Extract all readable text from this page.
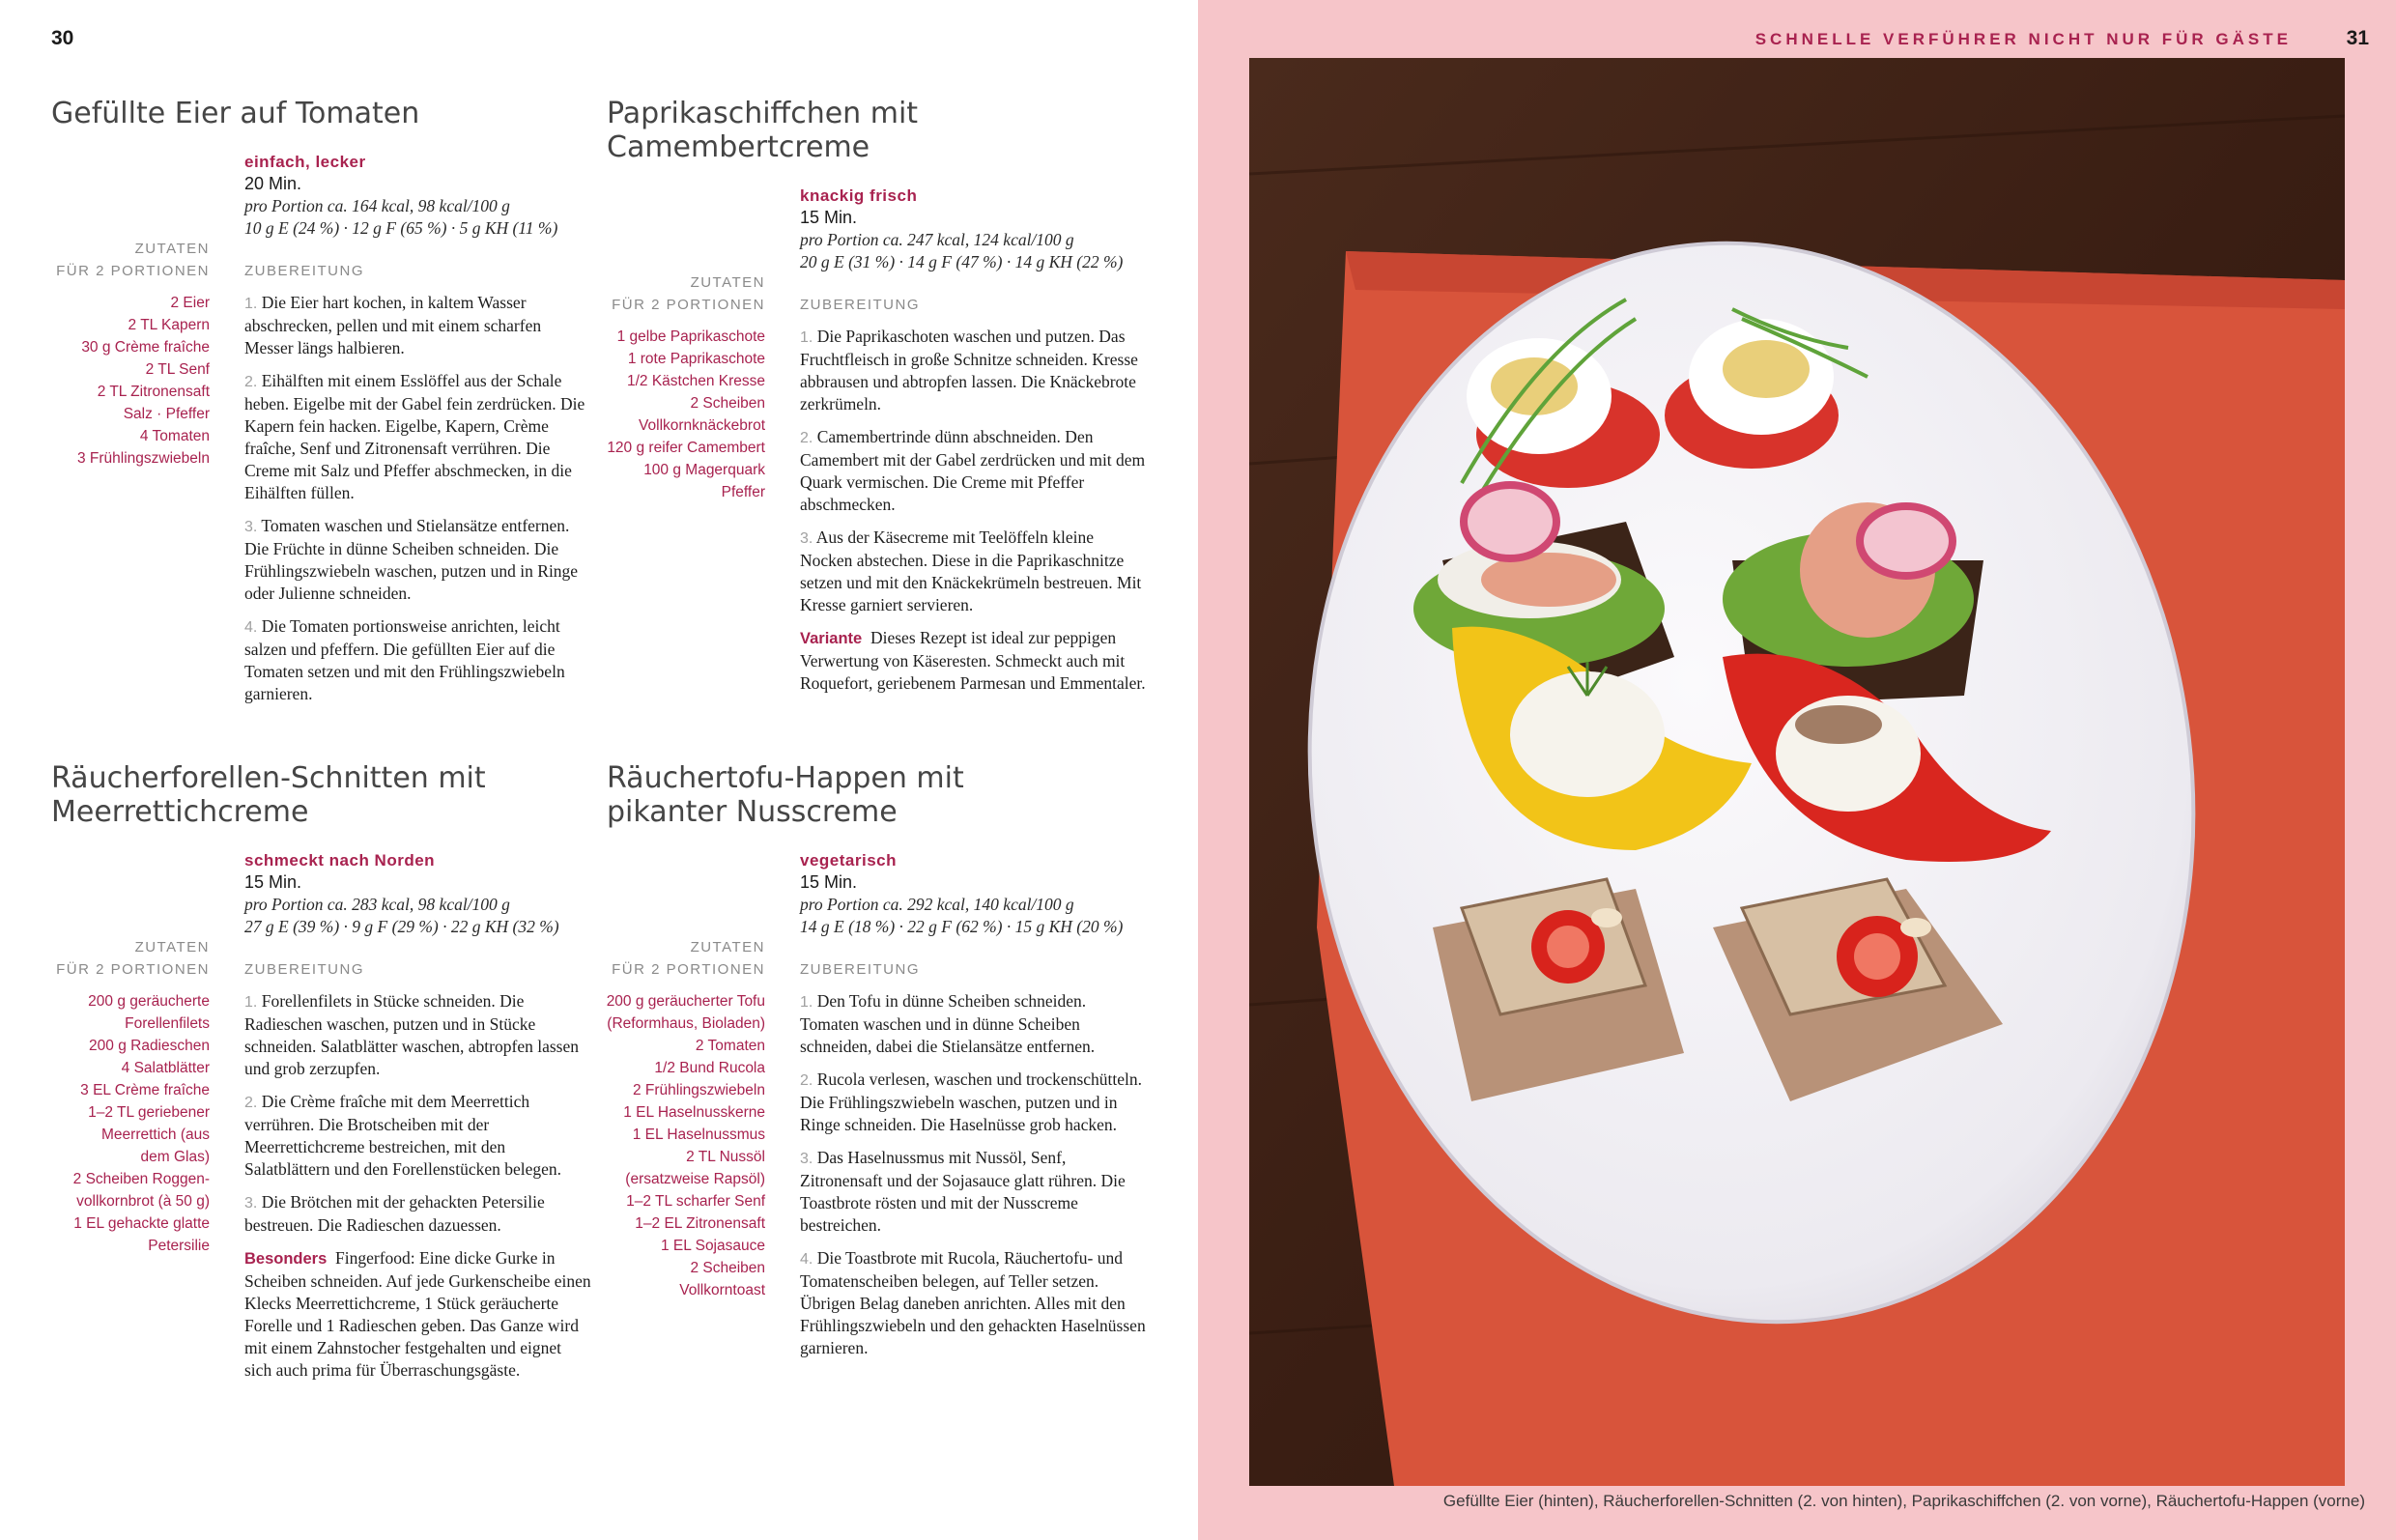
30
Gefüllte Eier auf Tomaten
einfach, lecker
20 Min.
pro Portion ca. 164 kcal, 98 kcal/100 g
10 g E (24 %) · 12 g F (65 %) · 5 g KH (11 %)
ZUTATEN
FÜR 2 PORTIONEN
2 Eier
2 TL Kapern
30 g Crème fraîche
2 TL Senf
2 TL Zitronensaft
Salz · Pfeffer
4 Tomaten
3 Frühlingszwiebeln
ZUBEREITUNG
1. Die Eier hart kochen, in kaltem Wasser abschrecken, pellen und mit einem scharfen Messer längs halbieren.
2. Eihälften mit einem Esslöffel aus der Schale heben. Eigelbe mit der Gabel fein zerdrücken. Die Kapern fein hacken. Eigelbe, Kapern, Crème fraîche, Senf und Zitronensaft verrühren. Die Creme mit Salz und Pfeffer abschmecken, in die Eihälften füllen.
3. Tomaten waschen und Stielansätze entfernen. Die Früchte in dünne Scheiben schneiden. Die Frühlingszwiebeln waschen, putzen und in Ringe oder Julienne schneiden.
4. Die Tomaten portionsweise anrichten, leicht salzen und pfeffern. Die gefüllten Eier auf die Tomaten setzen und mit den Frühlingszwiebeln garnieren.
Paprikaschiffchen mit
Camembertcreme
knackig frisch
15 Min.
pro Portion ca. 247 kcal, 124 kcal/100 g
20 g E (31 %) · 14 g F (47 %) · 14 g KH (22 %)
ZUTATEN
FÜR 2 PORTIONEN
1 gelbe Paprikaschote
1 rote Paprikaschote
1/2 Kästchen Kresse
2 Scheiben
Vollkornknäckebrot
120 g reifer Camembert
100 g Magerquark
Pfeffer
ZUBEREITUNG
1. Die Paprikaschoten waschen und putzen. Das Fruchtfleisch in große Schnitze schneiden. Kresse abbrausen und abtropfen lassen. Die Knäckebrote zerkrümeln.
2. Camembertrinde dünn abschneiden. Den Camembert mit der Gabel zerdrücken und mit dem Quark vermischen. Die Creme mit Pfeffer abschmecken.
3. Aus der Käsecreme mit Teelöffeln kleine Nocken abstechen. Diese in die Paprikaschnitze setzen und mit den Knäckekrümeln bestreuen. Mit Kresse garniert servieren.
Variante Dieses Rezept ist ideal zur peppigen Verwertung von Käseresten. Schmeckt auch mit Roquefort, geriebenem Parmesan und Emmentaler.
Räucherforellen-Schnitten mit
Meerrettichcreme
schmeckt nach Norden
15 Min.
pro Portion ca. 283 kcal, 98 kcal/100 g
27 g E (39 %) · 9 g F (29 %) · 22 g KH (32 %)
ZUTATEN
FÜR 2 PORTIONEN
200 g geräucherte
Forellenfilets
200 g Radieschen
4 Salatblätter
3 EL Crème fraîche
1–2 TL geriebener
Meerrettich (aus
dem Glas)
2 Scheiben Roggen-
vollkornbrot (à 50 g)
1 EL gehackte glatte
Petersilie
ZUBEREITUNG
1. Forellenfilets in Stücke schneiden. Die Radieschen waschen, putzen und in Stücke schneiden. Salatblätter waschen, abtropfen lassen und grob zerzupfen.
2. Die Crème fraîche mit dem Meerrettich verrühren. Die Brotscheiben mit der Meerrettichcreme bestreichen, mit den Salatblättern und den Forellenstücken belegen.
3. Die Brötchen mit der gehackten Petersilie bestreuen. Die Radieschen dazuessen.
Besonders Fingerfood: Eine dicke Gurke in Scheiben schneiden. Auf jede Gurkenscheibe einen Klecks Meerrettichcreme, 1 Stück geräucherte Forelle und 1 Radieschen geben. Das Ganze wird mit einem Zahnstocher festgehalten und eignet sich auch prima für Überraschungsgäste.
Räuchertofu-Happen mit
pikanter Nusscreme
vegetarisch
15 Min.
pro Portion ca. 292 kcal, 140 kcal/100 g
14 g E (18 %) · 22 g F (62 %) · 15 g KH (20 %)
ZUTATEN
FÜR 2 PORTIONEN
200 g geräucherter Tofu
(Reformhaus, Bioladen)
2 Tomaten
1/2 Bund Rucola
2 Frühlingszwiebeln
1 EL Haselnusskerne
1 EL Haselnussmus
2 TL Nussöl
(ersatzweise Rapsöl)
1–2 TL scharfer Senf
1–2 EL Zitronensaft
1 EL Sojasauce
2 Scheiben
Vollkorntoast
ZUBEREITUNG
1. Den Tofu in dünne Scheiben schneiden. Tomaten waschen und in dünne Scheiben schneiden, dabei die Stielansätze entfernen.
2. Rucola verlesen, waschen und trockenschütteln. Die Frühlingszwiebeln waschen, putzen und in Ringe schneiden. Die Haselnüsse grob hacken.
3. Das Haselnussmus mit Nussöl, Senf, Zitronensaft und der Sojasauce glatt rühren. Die Toastbrote rösten und mit der Nusscreme bestreichen.
4. Die Toastbrote mit Rucola, Räuchertofu- und Tomatenscheiben belegen, auf Teller setzen. Übrigen Belag daneben anrichten. Alles mit den Frühlingszwiebeln und den gehackten Haselnüssen garnieren.
SCHNELLE VERFÜHRER NICHT NUR FÜR GÄSTE	31
Gefüllte Eier (hinten), Räucherforellen-Schnitten (2. von hinten), Paprikaschiffchen (2. von vorne), Räuchertofu-Happen (vorne)
